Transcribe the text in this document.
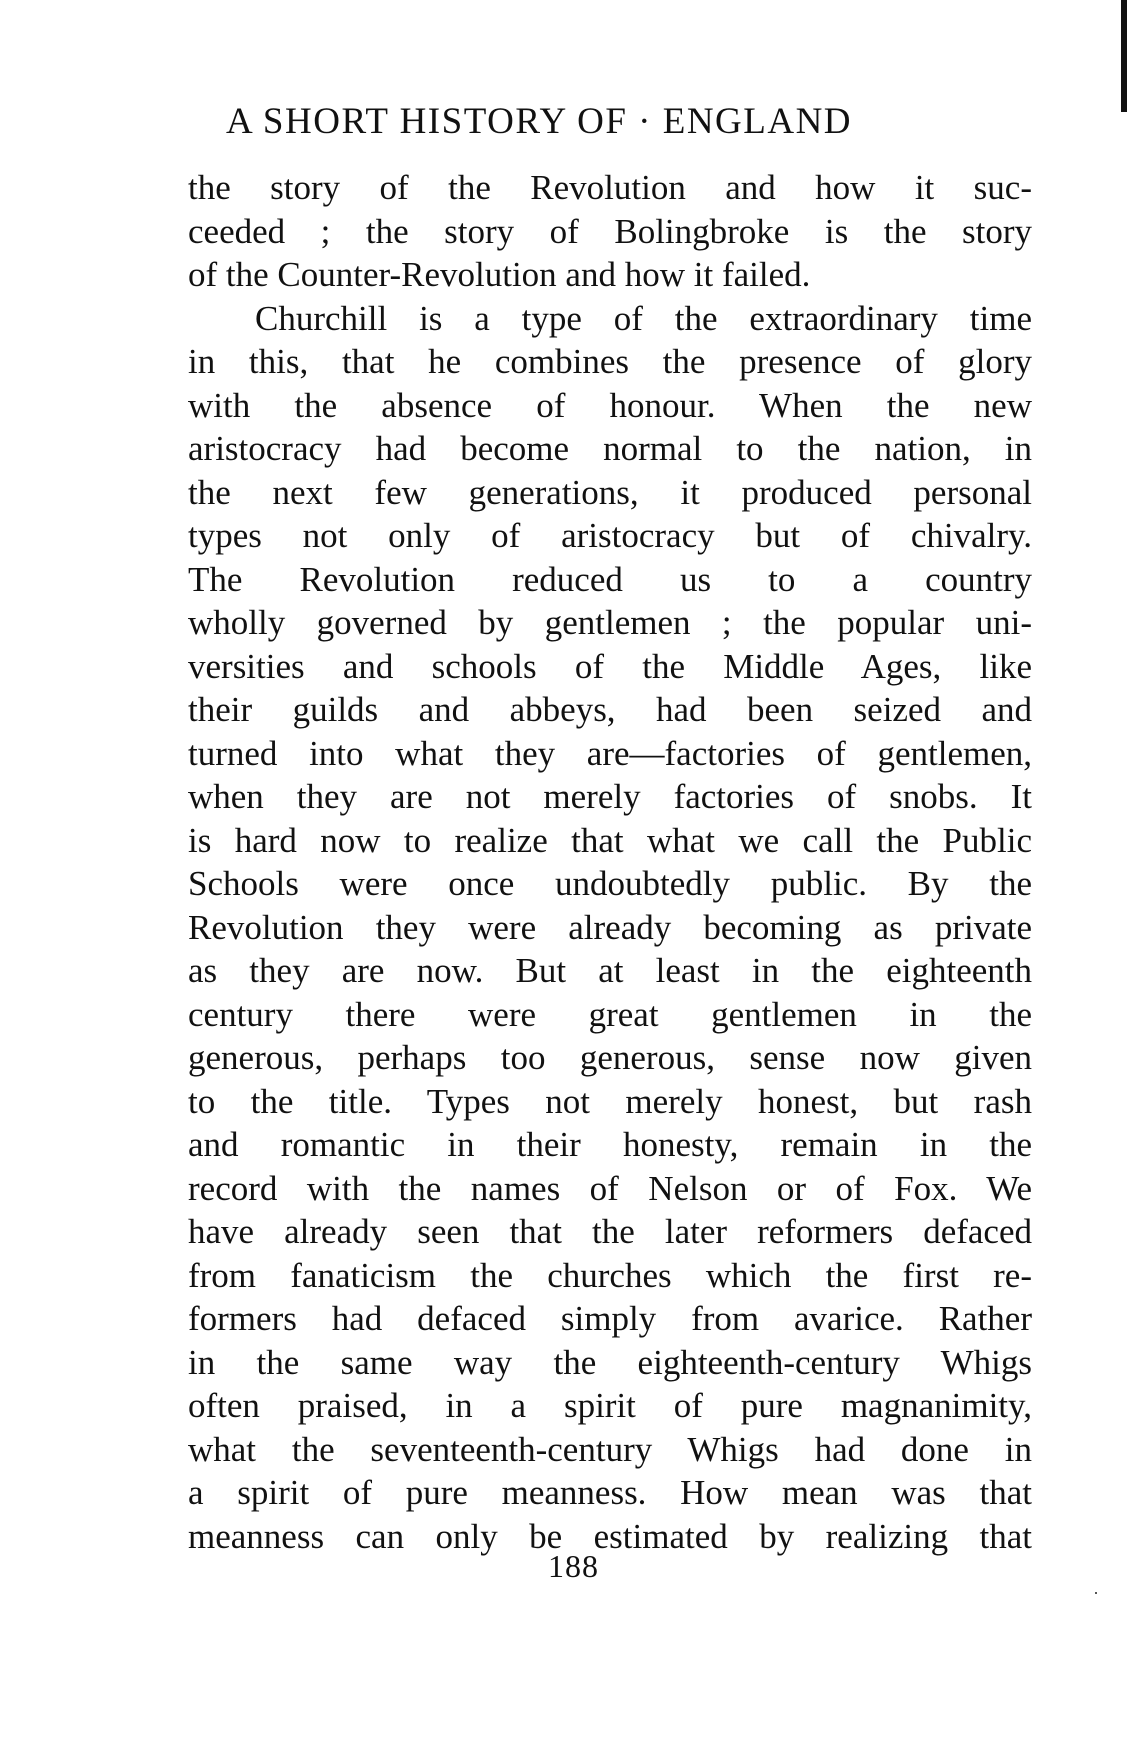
A SHORT HISTORY OF · ENGLAND
the story of the Revolution and how it suc-
ceeded ; the story of Bolingbroke is the story
of the Counter-Revolution and how it failed.
Churchill is a type of the extraordinary time
in this, that he combines the presence of glory
with the absence of honour. When the new
aristocracy had become normal to the nation, in
the next few generations, it produced personal
types not only of aristocracy but of chivalry.
The Revolution reduced us to a country
wholly governed by gentlemen ; the popular uni-
versities and schools of the Middle Ages, like
their guilds and abbeys, had been seized and
turned into what they are—factories of gentlemen,
when they are not merely factories of snobs. It
is hard now to realize that what we call the Public
Schools were once undoubtedly public. By the
Revolution they were already becoming as private
as they are now. But at least in the eighteenth
century there were great gentlemen in the
generous, perhaps too generous, sense now given
to the title. Types not merely honest, but rash
and romantic in their honesty, remain in the
record with the names of Nelson or of Fox. We
have already seen that the later reformers defaced
from fanaticism the churches which the first re-
formers had defaced simply from avarice. Rather
in the same way the eighteenth-century Whigs
often praised, in a spirit of pure magnanimity,
what the seventeenth-century Whigs had done in
a spirit of pure meanness. How mean was that
meanness can only be estimated by realizing that
188
